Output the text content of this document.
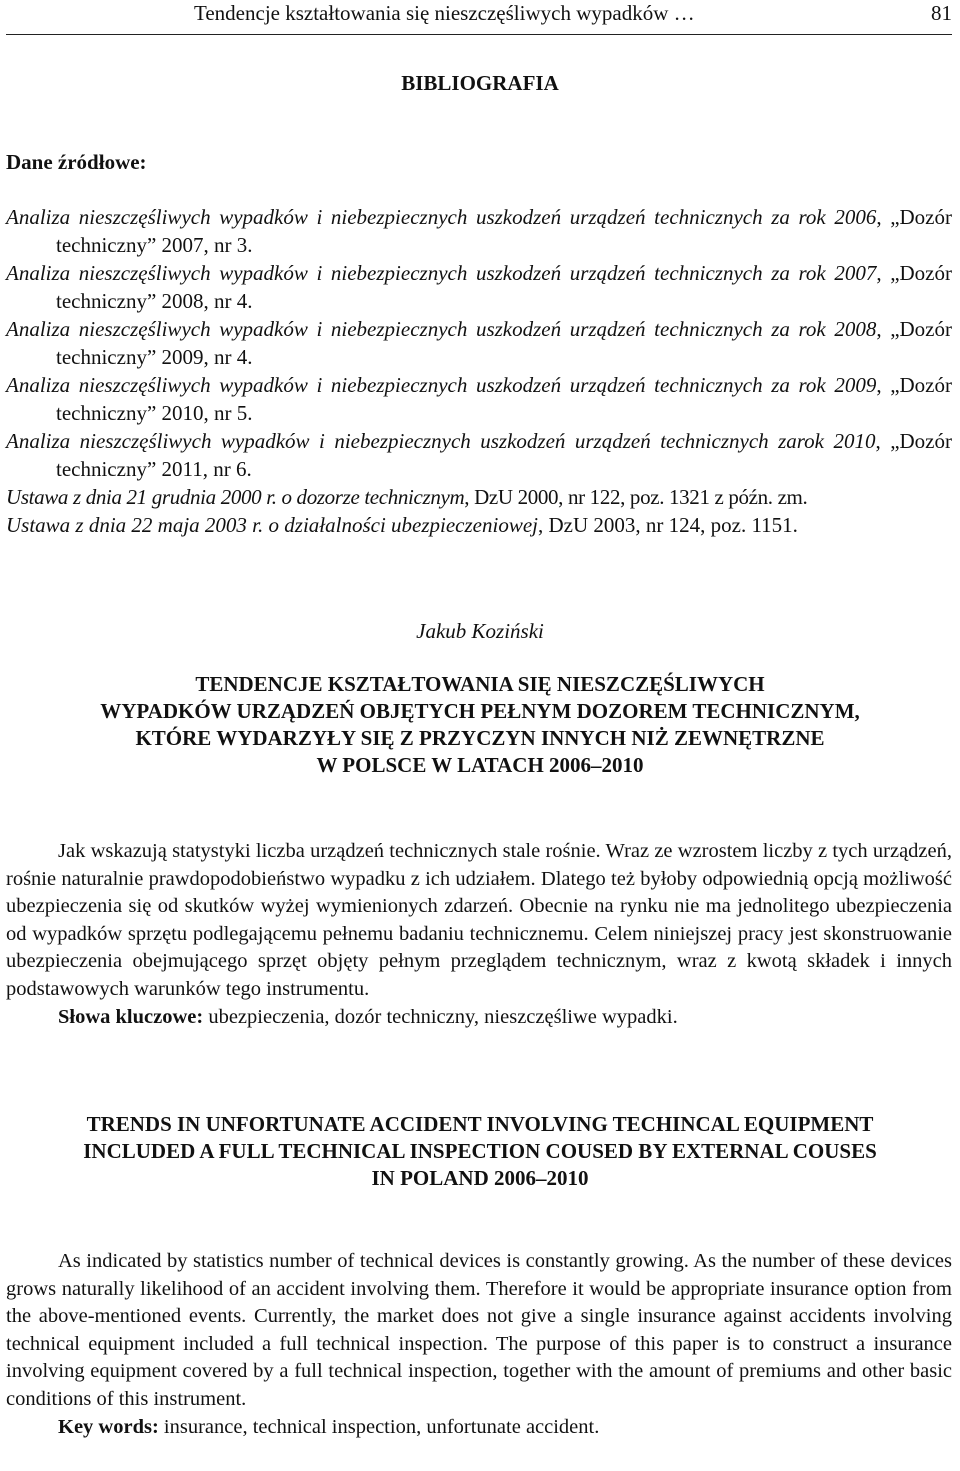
Tendencje kształtowania się nieszczęśliwych wypadków …	81
BIBLIOGRAFIA
Dane źródłowe:
Analiza nieszczęśliwych wypadków i niebezpiecznych uszkodzeń urządzeń technicznych za rok 2006, „Dozór techniczny” 2007, nr 3.
Analiza nieszczęśliwych wypadków i niebezpiecznych uszkodzeń urządzeń technicznych za rok 2007, „Dozór techniczny” 2008, nr 4.
Analiza nieszczęśliwych wypadków i niebezpiecznych uszkodzeń urządzeń technicznych za rok 2008, „Dozór techniczny” 2009, nr 4.
Analiza nieszczęśliwych wypadków i niebezpiecznych uszkodzeń urządzeń technicznych za rok 2009, „Dozór techniczny” 2010, nr 5.
Analiza nieszczęśliwych wypadków i niebezpiecznych uszkodzeń urządzeń technicznych zarok 2010, „Dozór techniczny” 2011, nr 6.
Ustawa z dnia 21 grudnia 2000 r. o dozorze technicznym, DzU 2000, nr 122, poz. 1321 z późn. zm.
Ustawa z dnia 22 maja 2003 r. o działalności ubezpieczeniowej, DzU 2003, nr 124, poz. 1151.
Jakub Koziński
TENDENCJE KSZTAŁTOWANIA SIĘ NIESZCZĘŚLIWYCH
WYPADKÓW URZĄDZEŃ OBJĘTYCH PEŁNYM DOZOREM TECHNICZNYM,
KTÓRE WYDARZYŁY SIĘ Z PRZYCZYN INNYCH NIŻ ZEWNĘTRZNE
W POLSCE W LATACH 2006–2010

Jak wskazują statystyki liczba urządzeń technicznych stale rośnie. Wraz ze wzrostem liczby z tych urządzeń, rośnie naturalnie prawdopodobieństwo wypadku z ich udziałem. Dlatego też byłoby odpowiednią opcją możliwość ubezpieczenia się od skutków wyżej wymienionych zdarzeń. Obecnie na rynku nie ma jednolitego ubezpieczenia od wypadków sprzętu podlegającemu pełnemu badaniu technicznemu. Celem niniejszej pracy jest skonstruowanie ubezpieczenia obejmującego sprzęt objęty pełnym przeglądem technicznym, wraz z kwotą składek i innych podstawowych warunków tego instrumentu.

Słowa kluczowe: ubezpieczenia, dozór techniczny, nieszczęśliwe wypadki.

TRENDS IN UNFORTUNATE ACCIDENT INVOLVING TECHINCAL EQUIPMENT
INCLUDED A FULL TECHNICAL INSPECTION COUSED BY EXTERNAL COUSES
IN POLAND 2006–2010

As indicated by statistics number of technical devices is constantly growing. As the number of these devices grows naturally likelihood of an accident involving them. Therefore it would be appropriate insurance option from the above-mentioned events. Currently, the market does not give a single insurance against accidents involving technical equipment included a full technical inspection. The purpose of this paper is to construct a insurance involving equipment covered by a full technical inspection, together with the amount of premiums and other basic conditions of this instrument.

Key words: insurance, technical inspection, unfortunate accident.
